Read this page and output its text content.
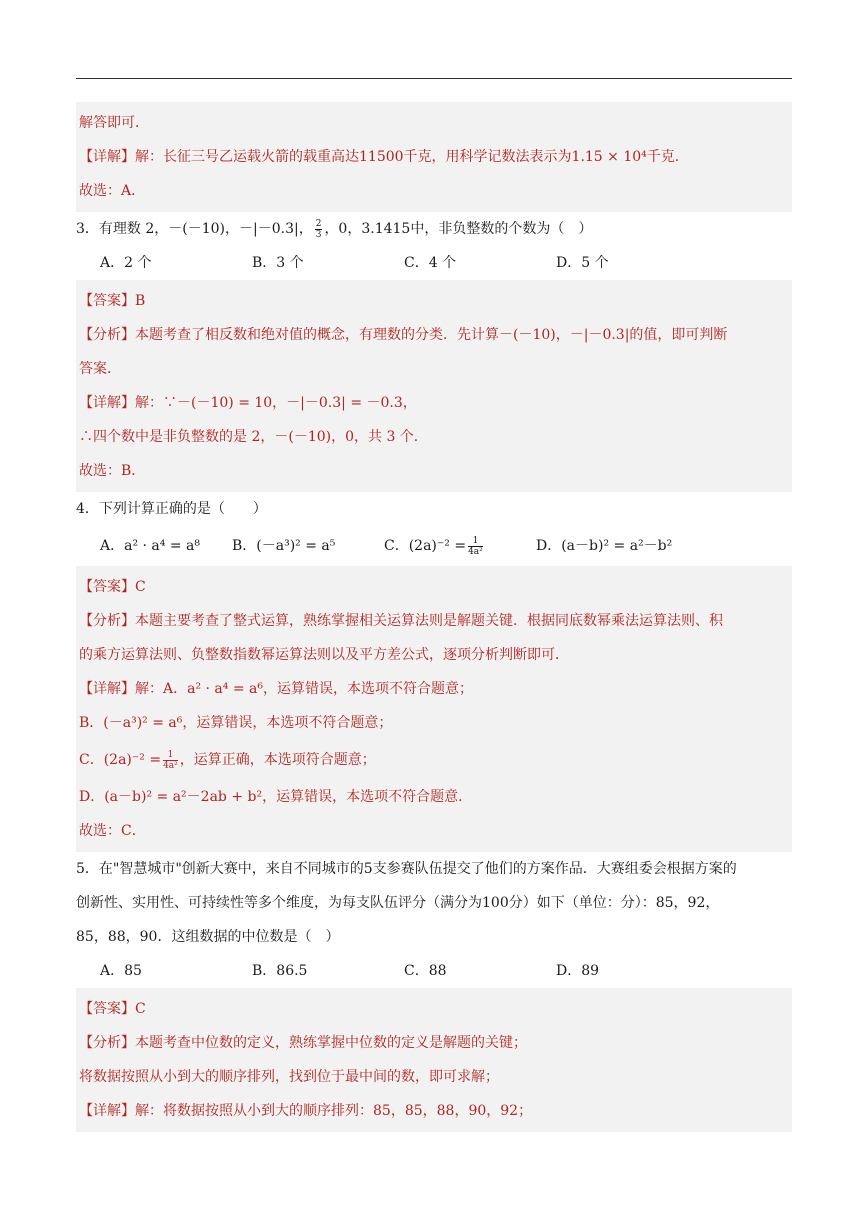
解答即可．
【详解】解：长征三号乙运载火箭的载重高达11500千克，用科学记数法表示为1.15 × 10⁴千克．
故选：A．
3．有理数 2，－(－10)，－|－0.3|， $\frac{2}{3}$ ，0，3.1415中，非负整数的个数为（　）
A．2 个	B．3 个	C．4 个	D．5 个
【答案】B
【分析】本题考查了相反数和绝对值的概念，有理数的分类．先计算－(－10)，－|－0.3|的值，即可判断
答案．
【详解】解：∵－(－10) = 10，－|－0.3| = －0.3，
∴四个数中是非负整数的是 2，－(－10)，0，共 3 个．
故选：B．
4．下列计算正确的是（　　）
A．a² · a⁴ = a⁸	B．(－a³)² = a⁵	C．$(2a)^{-2} = \frac{1}{\text{4a²}}$	D．(a－b)² = a²－b²
【答案】C
【分析】本题主要考查了整式运算，熟练掌握相关运算法则是解题关键．根据同底数幂乘法运算法则、积
的乘方运算法则、负整数指数幂运算法则以及平方差公式，逐项分析判断即可．
【详解】解：A．a² · a⁴ = a⁶，运算错误，本选项不符合题意；
B．(－a³)² = a⁶，运算错误，本选项不符合题意；
C．$(2a)^{-2} = \frac{1}{\text{4a²}}$ ，运算正确，本选项符合题意；
D．(a－b)² = a²－2ab + b²，运算错误，本选项不符合题意．
故选：C．
5．在"智慧城市"创新大赛中，来自不同城市的5支参赛队伍提交了他们的方案作品．大赛组委会根据方案的
创新性、实用性、可持续性等多个维度，为每支队伍评分（满分为100分）如下（单位：分）：85，92，
85，88，90．这组数据的中位数是（　）
A．85	B．86.5	C．88	D．89
【答案】C
【分析】本题考查中位数的定义，熟练掌握中位数的定义是解题的关键；
将数据按照从小到大的顺序排列，找到位于最中间的数，即可求解；
【详解】解：将数据按照从小到大的顺序排列：85，85，88，90，92；
